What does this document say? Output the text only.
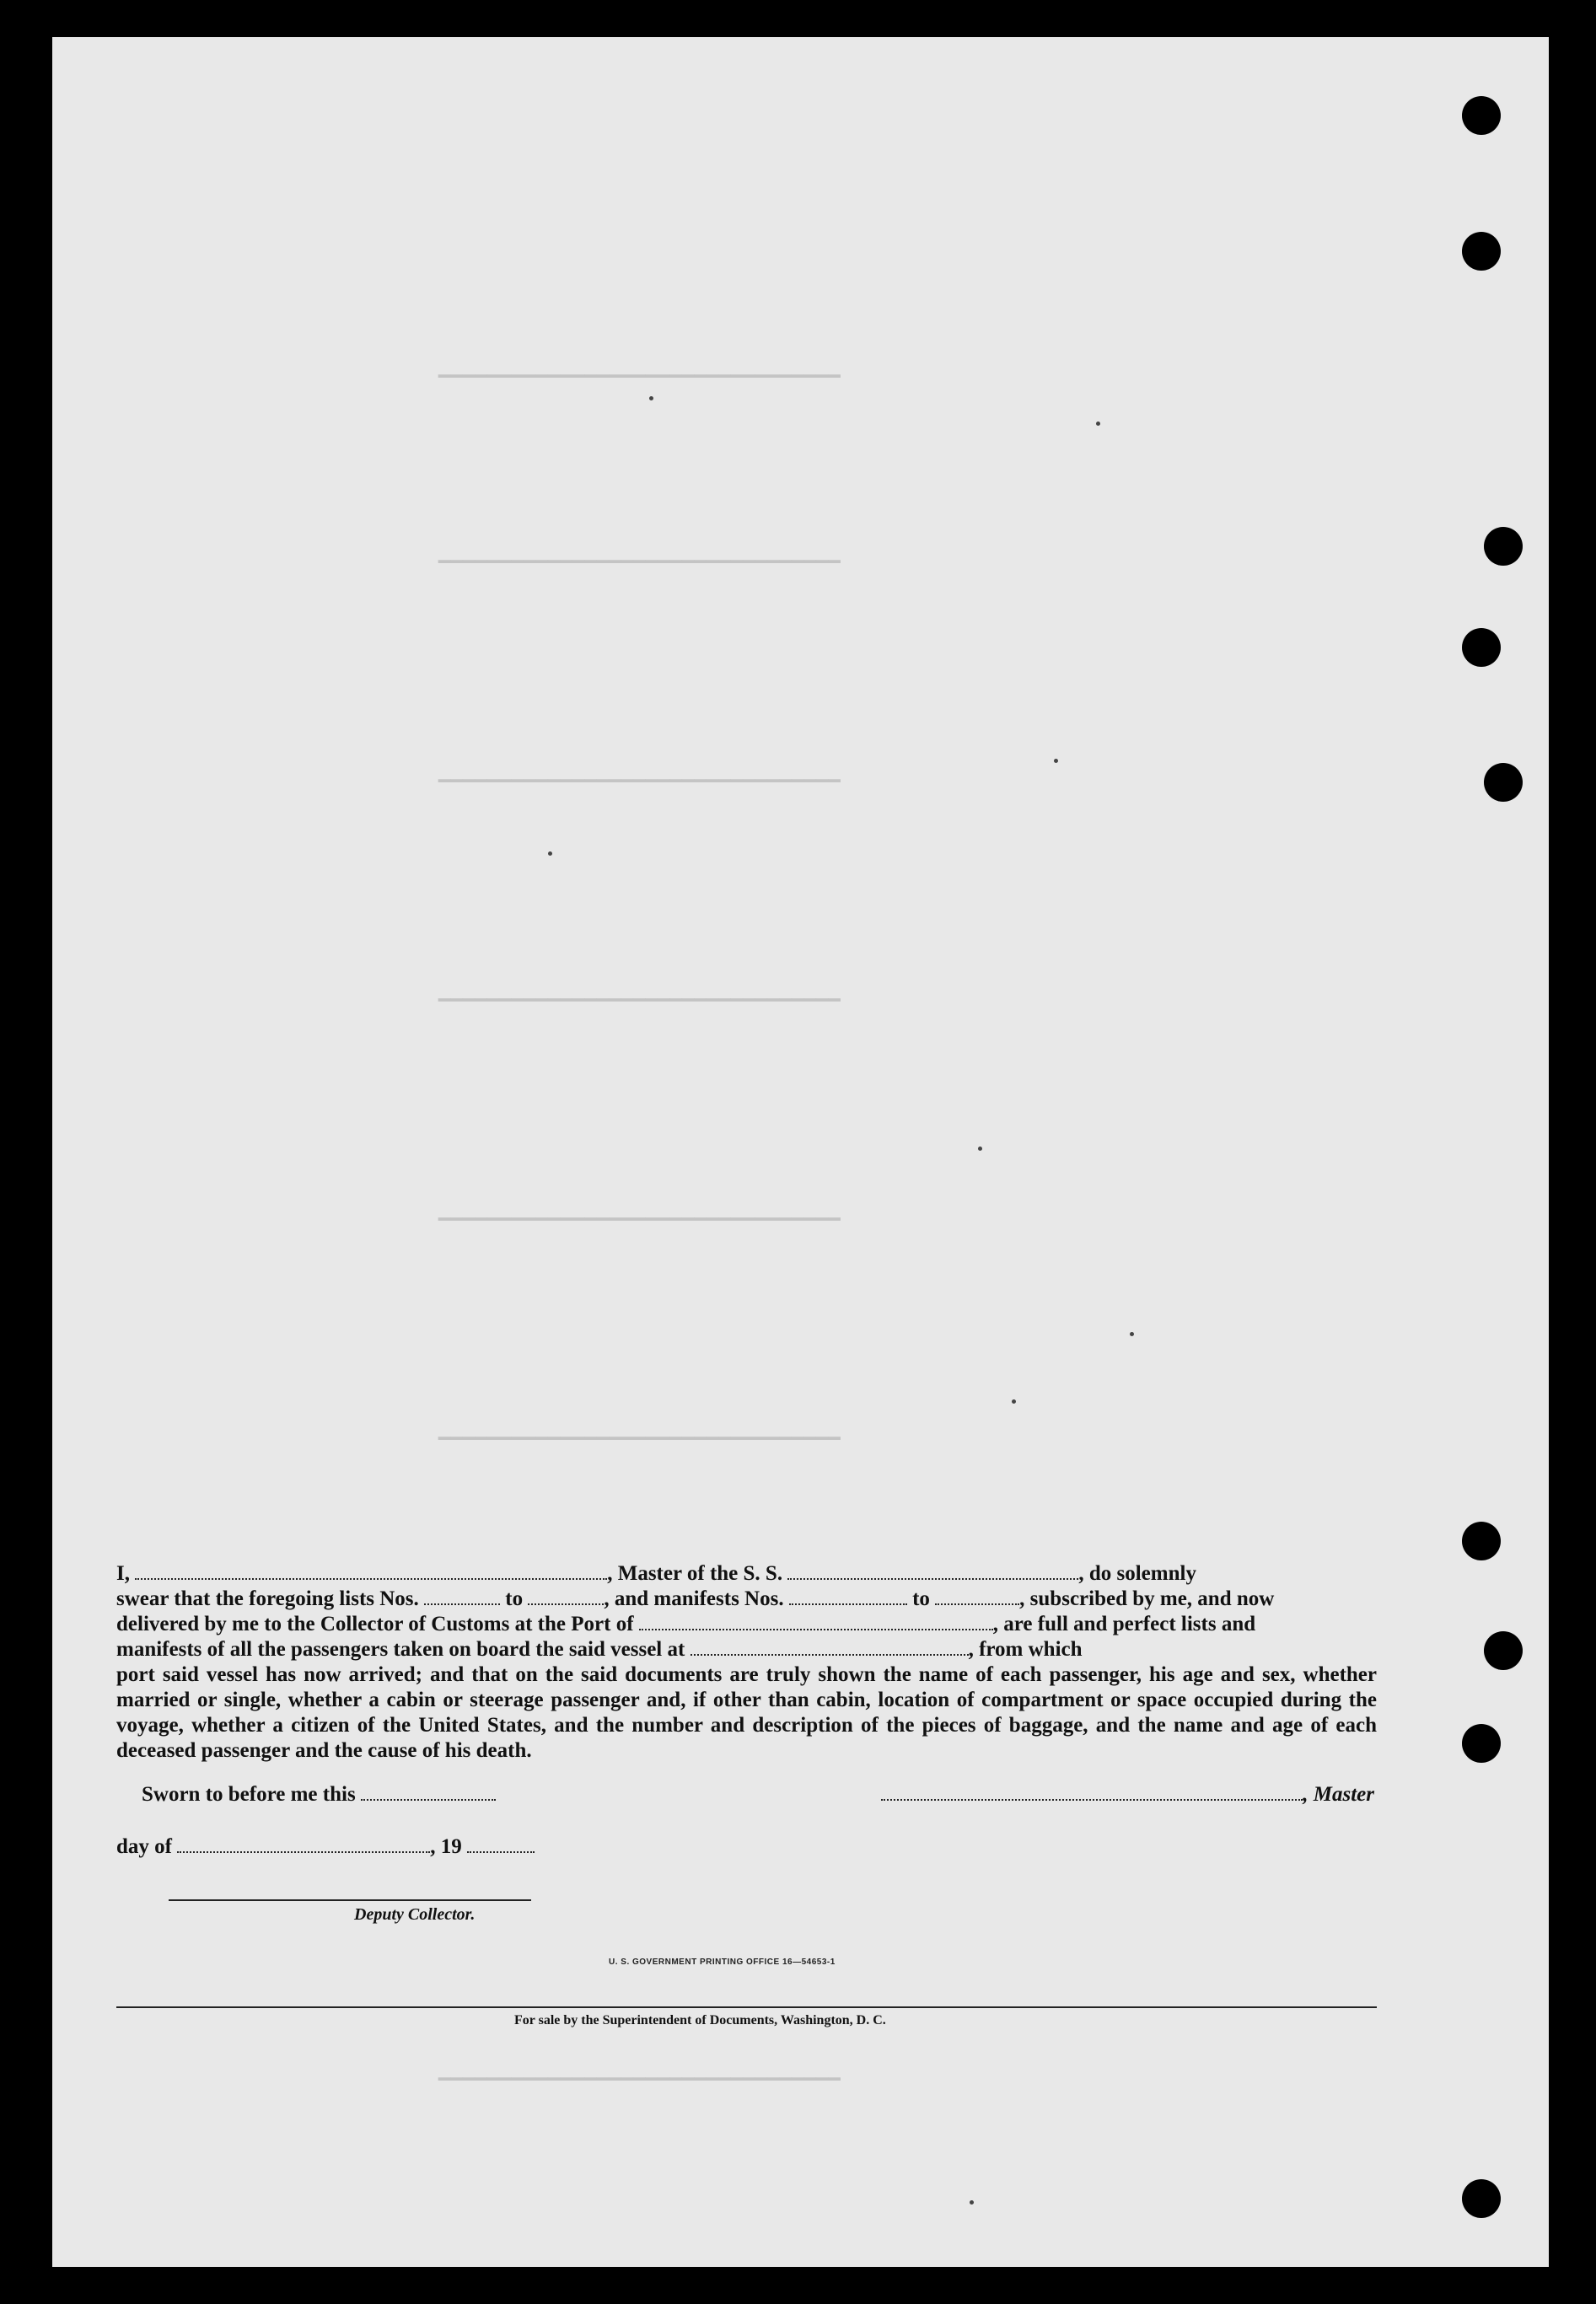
▁▁▁▁▁▁▁▁▁▁▁▁▁▁▁▁▁▁▁▁▁▁▁▁▁▁▁▁▁▁▁▁▁
▁▁▁▁▁▁▁▁▁▁▁▁▁▁▁▁▁▁▁▁▁▁▁▁▁▁▁▁▁▁▁▁▁
▁▁▁▁▁▁▁▁▁▁▁▁▁▁▁▁▁▁▁▁▁▁▁▁▁▁▁▁▁▁▁▁▁
▁▁▁▁▁▁▁▁▁▁▁▁▁▁▁▁▁▁▁▁▁▁▁▁▁▁▁▁▁▁▁▁▁
▁▁▁▁▁▁▁▁▁▁▁▁▁▁▁▁▁▁▁▁▁▁▁▁▁▁▁▁▁▁▁▁▁
▁▁▁▁▁▁▁▁▁▁▁▁▁▁▁▁▁▁▁▁▁▁▁▁▁▁▁▁▁▁▁▁▁
▁▁▁▁▁▁▁▁▁▁▁▁▁▁▁▁▁▁▁▁▁▁▁▁▁▁▁▁▁▁▁▁▁
I,	, Master of the S. S.	, do solemnly
swear that the foregoing lists Nos.	to	, and manifests Nos.	to	, subscribed by me, and now
delivered by me to the Collector of Customs at the Port of	, are full and perfect lists and
manifests of all the passengers taken on board the said vessel at	, from which
port said vessel has now arrived; and that on the said documents are truly shown the name of each passenger, his age and sex, whether married or single, whether a cabin or steerage passenger and, if other than cabin, location of compartment or space occupied during the voyage, whether a citizen of the United States, and the number and description of the pieces of baggage, and the name and age of each deceased passenger and the cause of his death.
Sworn to before me this	, Master
day of	, 19
Deputy Collector.
U. S. GOVERNMENT PRINTING OFFICE 16—54653-1
For sale by the Superintendent of Documents, Washington, D. C.
